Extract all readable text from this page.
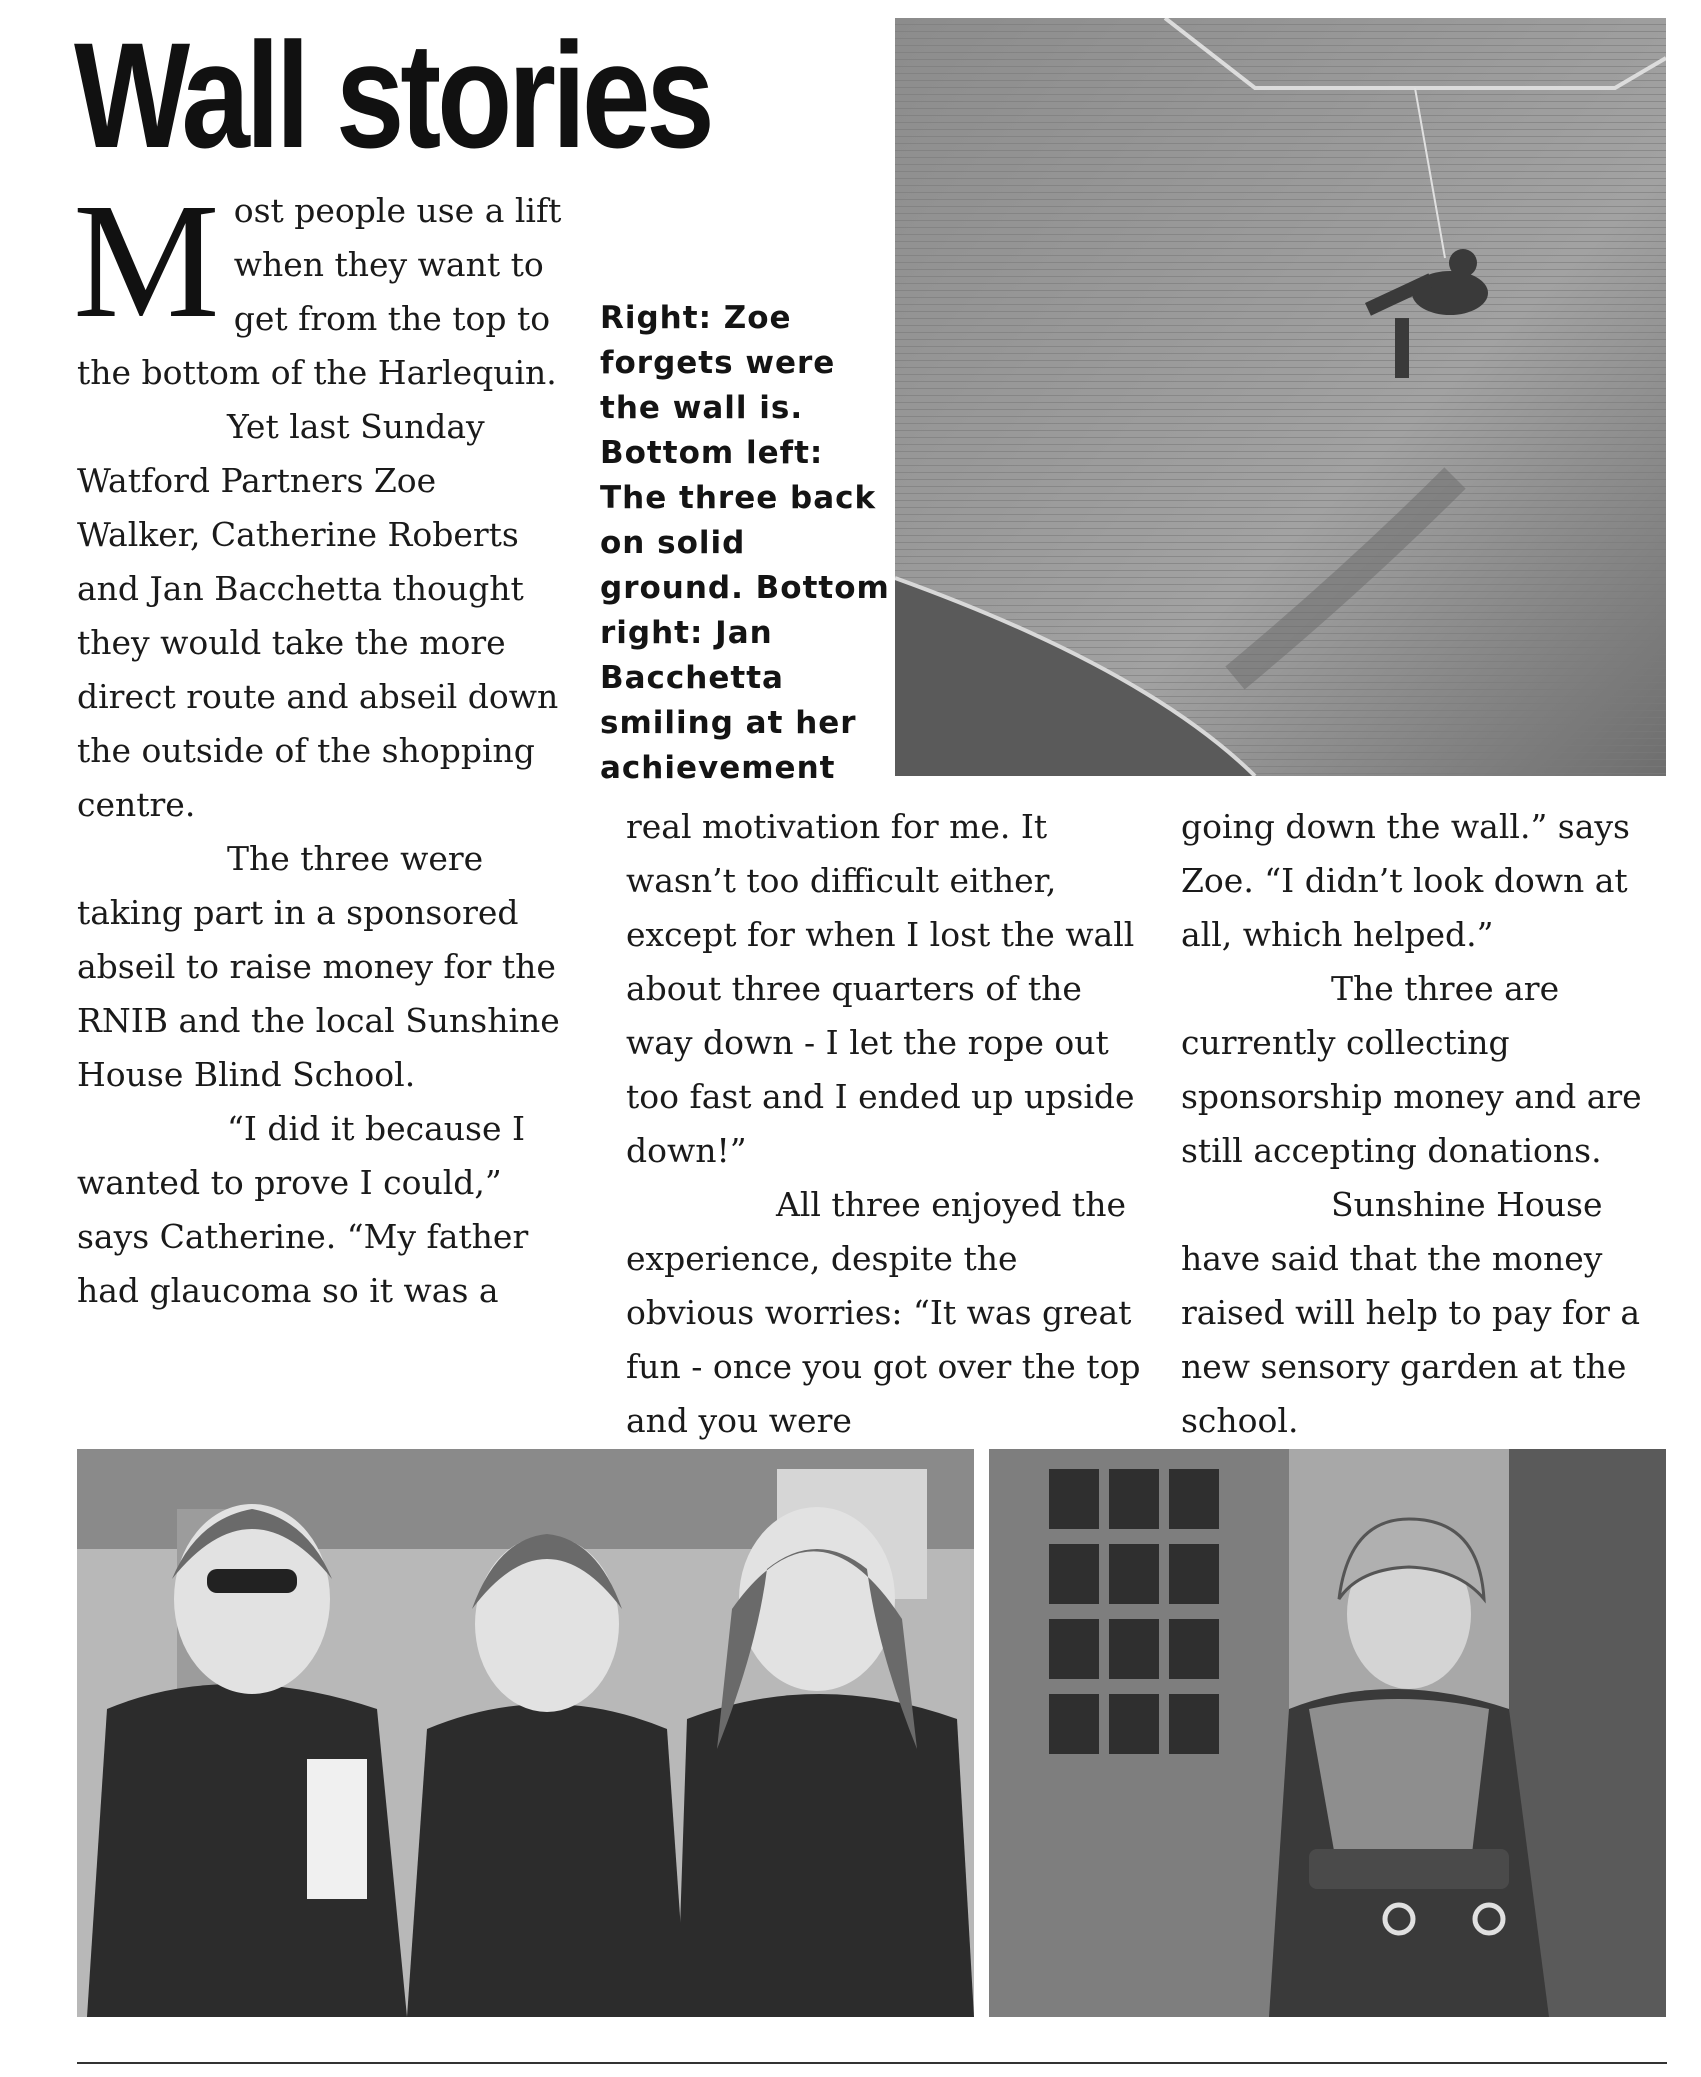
Wall stories
M ost people use a lift when they want to get from the top to the bottom of the Harlequin.

Yet last Sunday Watford Partners Zoe Walker, Catherine Roberts and Jan Bacchetta thought they would take the more direct route and abseil down the outside of the shopping centre.

The three were taking part in a sponsored abseil to raise money for the RNIB and the local Sunshine House Blind School.

“I did it because I wanted to prove I could,” says Catherine. “My father had glaucoma so it was a

Right: Zoe forgets were the wall is. Bottom left: The three back on solid ground. Bottom right: Jan Bacchetta smiling at her achievement

real motivation for me. It wasn’t too difficult either, except for when I lost the wall about three quarters of the way down - I let the rope out too fast and I ended up upside down!”

All three enjoyed the experience, despite the obvious worries: “It was great fun - once you got over the top and you were

going down the wall.” says Zoe. “I didn’t look down at all, which helped.”

The three are currently collecting sponsorship money and are still accepting donations.

Sunshine House have said that the money raised will help to pay for a new sensory garden at the school.
